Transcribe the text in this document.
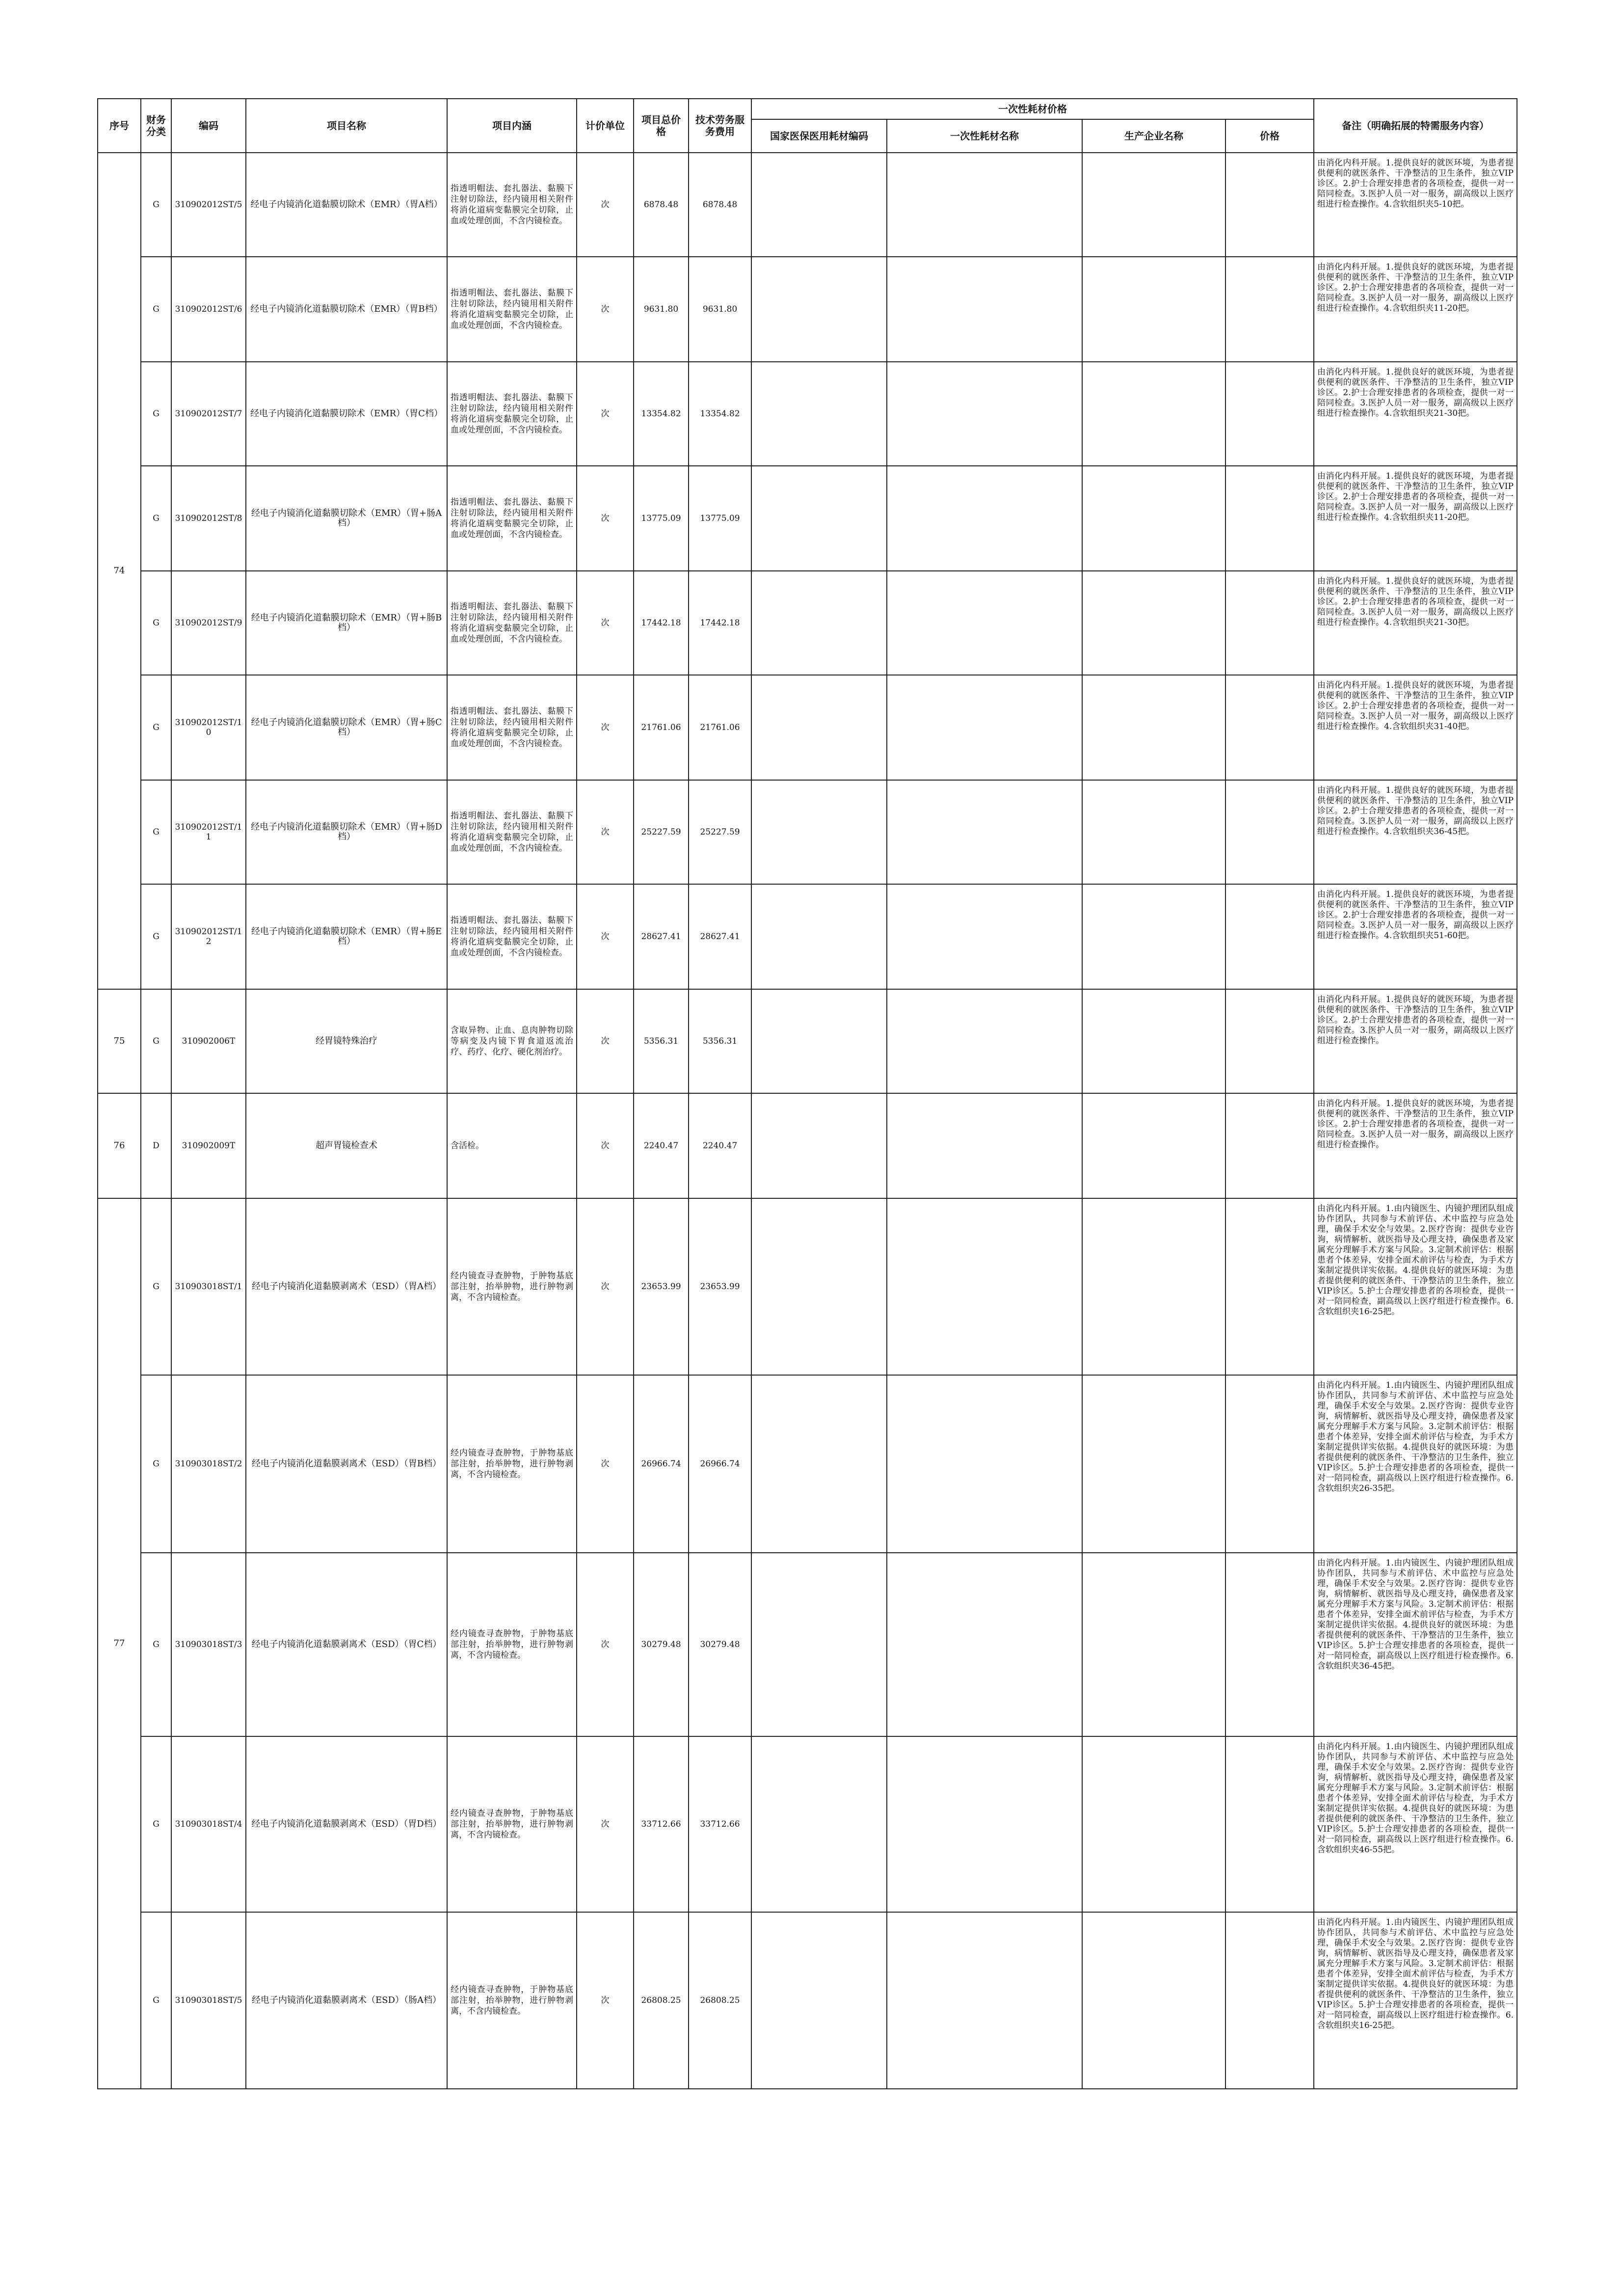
序号	财务分类	编码	项目名称	项目内涵	计价单位	项目总价格	技术劳务服务费用	一次性耗材价格				备注（明确拓展的特需服务内容）
								国家医保医用耗材编码	一次性耗材名称	生产企业名称	价格	
74	G	310902012ST/5	经电子内镜消化道黏膜切除术（EMR）（胃A档）	指透明帽法、套扎器法、黏膜下注射切除法，经内镜用相关附件将消化道病变黏膜完全切除，止血或处理创面，不含内镜检查。	次	6878.48	6878.48					由消化内科开展。1.提供良好的就医环境，为患者提供便利的就医条件、干净整洁的卫生条件，独立VIP诊区。2.护士合理安排患者的各项检查，提供一对一陪同检查。3.医护人员一对一服务，副高级以上医疗组进行检查操作。4.含软组织夹5-10把。
	G	310902012ST/6	经电子内镜消化道黏膜切除术（EMR）（胃B档）	指透明帽法、套扎器法、黏膜下注射切除法，经内镜用相关附件将消化道病变黏膜完全切除，止血或处理创面，不含内镜检查。	次	9631.80	9631.80					由消化内科开展。1.提供良好的就医环境，为患者提供便利的就医条件、干净整洁的卫生条件，独立VIP诊区。2.护士合理安排患者的各项检查，提供一对一陪同检查。3.医护人员一对一服务，副高级以上医疗组进行检查操作。4.含软组织夹11-20把。
	G	310902012ST/7	经电子内镜消化道黏膜切除术（EMR）（胃C档）	指透明帽法、套扎器法、黏膜下注射切除法，经内镜用相关附件将消化道病变黏膜完全切除，止血或处理创面，不含内镜检查。	次	13354.82	13354.82					由消化内科开展。1.提供良好的就医环境，为患者提供便利的就医条件、干净整洁的卫生条件，独立VIP诊区。2.护士合理安排患者的各项检查，提供一对一陪同检查。3.医护人员一对一服务，副高级以上医疗组进行检查操作。4.含软组织夹21-30把。
	G	310902012ST/8	经电子内镜消化道黏膜切除术（EMR）（胃+肠A档）	指透明帽法、套扎器法、黏膜下注射切除法，经内镜用相关附件将消化道病变黏膜完全切除，止血或处理创面，不含内镜检查。	次	13775.09	13775.09					由消化内科开展。1.提供良好的就医环境，为患者提供便利的就医条件、干净整洁的卫生条件，独立VIP诊区。2.护士合理安排患者的各项检查，提供一对一陪同检查。3.医护人员一对一服务，副高级以上医疗组进行检查操作。4.含软组织夹11-20把。
	G	310902012ST/9	经电子内镜消化道黏膜切除术（EMR）（胃+肠B档）	指透明帽法、套扎器法、黏膜下注射切除法，经内镜用相关附件将消化道病变黏膜完全切除，止血或处理创面，不含内镜检查。	次	17442.18	17442.18					由消化内科开展。1.提供良好的就医环境，为患者提供便利的就医条件、干净整洁的卫生条件，独立VIP诊区。2.护士合理安排患者的各项检查，提供一对一陪同检查。3.医护人员一对一服务，副高级以上医疗组进行检查操作。4.含软组织夹21-30把。
	G	310902012ST/10	经电子内镜消化道黏膜切除术（EMR）（胃+肠C档）	指透明帽法、套扎器法、黏膜下注射切除法，经内镜用相关附件将消化道病变黏膜完全切除，止血或处理创面，不含内镜检查。	次	21761.06	21761.06					由消化内科开展。1.提供良好的就医环境，为患者提供便利的就医条件、干净整洁的卫生条件，独立VIP诊区。2.护士合理安排患者的各项检查，提供一对一陪同检查。3.医护人员一对一服务，副高级以上医疗组进行检查操作。4.含软组织夹31-40把。
	G	310902012ST/11	经电子内镜消化道黏膜切除术（EMR）（胃+肠D档）	指透明帽法、套扎器法、黏膜下注射切除法，经内镜用相关附件将消化道病变黏膜完全切除，止血或处理创面，不含内镜检查。	次	25227.59	25227.59					由消化内科开展。1.提供良好的就医环境，为患者提供便利的就医条件、干净整洁的卫生条件，独立VIP诊区。2.护士合理安排患者的各项检查，提供一对一陪同检查。3.医护人员一对一服务，副高级以上医疗组进行检查操作。4.含软组织夹36-45把。
	G	310902012ST/12	经电子内镜消化道黏膜切除术（EMR）（胃+肠E档）	指透明帽法、套扎器法、黏膜下注射切除法，经内镜用相关附件将消化道病变黏膜完全切除，止血或处理创面，不含内镜检查。	次	28627.41	28627.41					由消化内科开展。1.提供良好的就医环境，为患者提供便利的就医条件、干净整洁的卫生条件，独立VIP诊区。2.护士合理安排患者的各项检查，提供一对一陪同检查。3.医护人员一对一服务，副高级以上医疗组进行检查操作。4.含软组织夹51-60把。
75	G	310902006T	经胃镜特殊治疗	含取异物、止血、息肉肿物切除等病变及内镜下胃食道返流治疗、药疗、化疗、硬化剂治疗。	次	5356.31	5356.31					由消化内科开展。1.提供良好的就医环境，为患者提供便利的就医条件、干净整洁的卫生条件，独立VIP诊区。2.护士合理安排患者的各项检查，提供一对一陪同检查。3.医护人员一对一服务，副高级以上医疗组进行检查操作。
76	D	310902009T	超声胃镜检查术	含活检。	次	2240.47	2240.47					由消化内科开展。1.提供良好的就医环境，为患者提供便利的就医条件、干净整洁的卫生条件，独立VIP诊区。2.护士合理安排患者的各项检查，提供一对一陪同检查。3.医护人员一对一服务，副高级以上医疗组进行检查操作。
77	G	310903018ST/1	经电子内镜消化道黏膜剥离术（ESD）（胃A档）	经内镜查寻查肿物，于肿物基底部注射，抬举肿物，进行肿物剥离，不含内镜检查。	次	23653.99	23653.99					由消化内科开展。1.由内镜医生、内镜护理团队组成协作团队，共同参与术前评估、术中监控与应急处理，确保手术安全与效果。2.医疗咨询：提供专业咨询，病情解析、就医指导及心理支持，确保患者及家属充分理解手术方案与风险。3.定制术前评估：根据患者个体差异，安排全面术前评估与检查，为手术方案制定提供详实依据。4.提供良好的就医环境：为患者提供便利的就医条件、干净整洁的卫生条件，独立VIP诊区。5.护士合理安排患者的各项检查，提供一对一陪同检查，副高级以上医疗组进行检查操作。6.含软组织夹16-25把。
	G	310903018ST/2	经电子内镜消化道黏膜剥离术（ESD）（胃B档）	经内镜查寻查肿物，于肿物基底部注射，抬举肿物，进行肿物剥离，不含内镜检查。	次	26966.74	26966.74					由消化内科开展。1.由内镜医生、内镜护理团队组成协作团队，共同参与术前评估、术中监控与应急处理，确保手术安全与效果。2.医疗咨询：提供专业咨询，病情解析、就医指导及心理支持，确保患者及家属充分理解手术方案与风险。3.定制术前评估：根据患者个体差异，安排全面术前评估与检查，为手术方案制定提供详实依据。4.提供良好的就医环境：为患者提供便利的就医条件、干净整洁的卫生条件，独立VIP诊区。5.护士合理安排患者的各项检查，提供一对一陪同检查，副高级以上医疗组进行检查操作。6.含软组织夹26-35把。
	G	310903018ST/3	经电子内镜消化道黏膜剥离术（ESD）（胃C档）	经内镜查寻查肿物，于肿物基底部注射，抬举肿物，进行肿物剥离，不含内镜检查。	次	30279.48	30279.48					由消化内科开展。1.由内镜医生、内镜护理团队组成协作团队，共同参与术前评估、术中监控与应急处理，确保手术安全与效果。2.医疗咨询：提供专业咨询，病情解析、就医指导及心理支持，确保患者及家属充分理解手术方案与风险。3.定制术前评估：根据患者个体差异，安排全面术前评估与检查，为手术方案制定提供详实依据。4.提供良好的就医环境：为患者提供便利的就医条件、干净整洁的卫生条件，独立VIP诊区。5.护士合理安排患者的各项检查，提供一对一陪同检查，副高级以上医疗组进行检查操作。6.含软组织夹36-45把。
	G	310903018ST/4	经电子内镜消化道黏膜剥离术（ESD）（胃D档）	经内镜查寻查肿物，于肿物基底部注射，抬举肿物，进行肿物剥离，不含内镜检查。	次	33712.66	33712.66					由消化内科开展。1.由内镜医生、内镜护理团队组成协作团队，共同参与术前评估、术中监控与应急处理，确保手术安全与效果。2.医疗咨询：提供专业咨询，病情解析、就医指导及心理支持，确保患者及家属充分理解手术方案与风险。3.定制术前评估：根据患者个体差异，安排全面术前评估与检查，为手术方案制定提供详实依据。4.提供良好的就医环境：为患者提供便利的就医条件、干净整洁的卫生条件，独立VIP诊区。5.护士合理安排患者的各项检查，提供一对一陪同检查，副高级以上医疗组进行检查操作。6.含软组织夹46-55把。
	G	310903018ST/5	经电子内镜消化道黏膜剥离术（ESD）（肠A档）	经内镜查寻查肿物，于肿物基底部注射，抬举肿物，进行肿物剥离，不含内镜检查。	次	26808.25	26808.25					由消化内科开展。1.由内镜医生、内镜护理团队组成协作团队，共同参与术前评估、术中监控与应急处理，确保手术安全与效果。2.医疗咨询：提供专业咨询，病情解析、就医指导及心理支持，确保患者及家属充分理解手术方案与风险。3.定制术前评估：根据患者个体差异，安排全面术前评估与检查，为手术方案制定提供详实依据。4.提供良好的就医环境：为患者提供便利的就医条件、干净整洁的卫生条件，独立VIP诊区。5.护士合理安排患者的各项检查，提供一对一陪同检查，副高级以上医疗组进行检查操作。6.含软组织夹16-25把。
